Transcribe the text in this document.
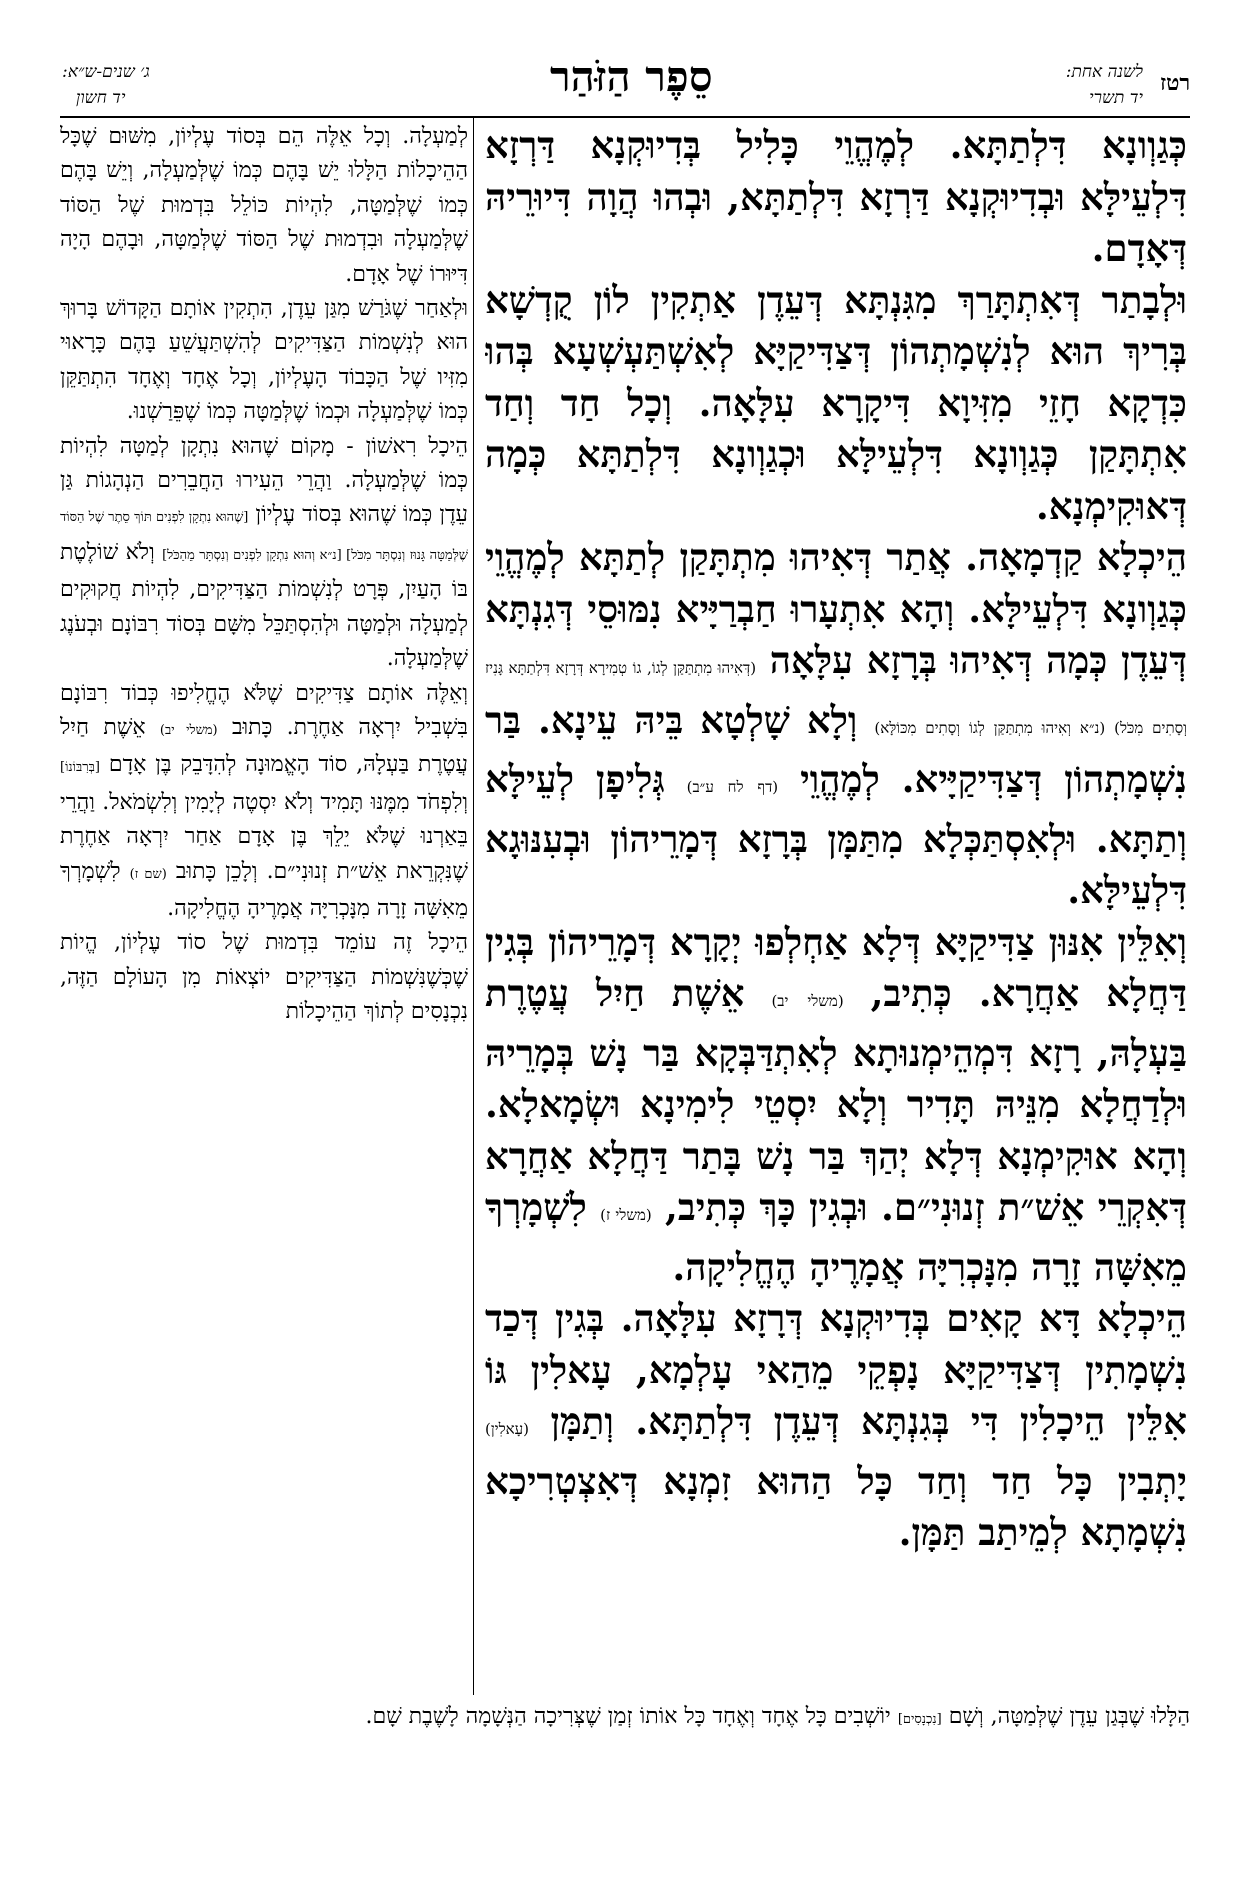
רטז
לשנה אחת:
יד תשרי
סֵפֶר הַזֹּהַר
ג׳ שנים-ש״א:
יד חשון

כְּגַוְונָא דִּלְתַתָּא. לְמֶהֱוֵי כָּלִיל בְּדִיוּקְנָא דַּרְזָא דִּלְעֵילָּא וּבְדִיוּקְנָא דַּרְזָא דִּלְתַתָּא, וּבְהוּ הֲוָה דִּיוּרֵיהּ דְּאָדָם.

וּלְבָתַר דְּאִתְתָּרַךְ מִגִּנְתָּא דְּעֵדֶן אַתְקִין לוֹן קֻדְשָׁא בְּרִיךְ הוּא לְנִשְׁמָתְהוֹן דְּצַדִּיקַיָּא לְאִשְׁתַּעְשְׁעָא בְּהוּ כִּדְקָא חָזֵי מִזִּיוָא דִּיקָרָא עִלָּאָה. וְכָל חַד וְחַד אִתְתָּקַן כְּגַוְונָא דִּלְעֵילָּא וּכְגַוְונָא דִּלְתַתָּא כְּמָה דְּאוּקִימְנָא.

הֵיכְלָא קַדְמָאָה. אֲתַר דְּאִיהוּ מִתְתָּקַן לְתַתָּא לְמֶהֱוֵי כְּגַוְונָא דִּלְעֵילָּא. וְהָא אִתְעָרוּ חַבְרַיָּיא נִמּוּסֵי דְּגִנְתָּא דְּעֵדֶן כְּמָה דְּאִיהוּ בְּרָזָא עִלָּאָה (דְּאִיהוּ מִתְתַּקַּן לְגוֹ, גוֹ טְמִירָא דְּרָזָא דִּלְתַתָּא גָּנִיז וְסָתִים מִכֹּל) (נ״א וְאִיהוּ מִתְתַּקַּן לְגוֹ וְסָתִים מִכּוֹלָּא) וְלָא שָׁלְטָא בֵּיהּ עֵינָא. בַּר נִשְׁמָתְהוֹן דְּצַדִּיקַיָּיא. לְמֶהֱוֵי (דף לח ע״ב) גְּלִיפָן לְעֵילָּא וְתַתָּא. וּלְאִסְתַּכְּלָא מִתַּמָּן בְּרָזָא דְּמָרֵיהוֹן וּבְעִנּוּגָא דִּלְעֵילָּא.

וְאִלֵּין אִנּוּן צַדִּיקַיָּא דְּלָא אַחְלְפוּ יְקָרָא דְּמָרֵיהוֹן בְּגִין דַּחֲלָא אַחֲרָא. כְּתִיב, (משלי יב) אֵשֶׁת חַיִל עֲטֶרֶת בַּעְלָהּ, רָזָא דִּמְהֵימְנוּתָא לְאִתְדַּבְּקָא בַּר נָשׁ בְּמָרֵיהּ וּלְדַחֲלָא מִנֵּיהּ תָּדִיר וְלָא יִסְטֵי לִימִינָא וּשְׂמָאלָא. וְהָא אוּקִימְנָא דְּלָא יְהַךְ בַּר נָשׁ בָּתַר דַּחֲלָא אַחֲרָא דְּאִקְרֵי אֵשׁ״ת זְנוּנִי״ם. וּבְגִין כָּךְ כְּתִיב, (משלי ז) לִשְׁמָרְךָ מֵאִשָּׁה זָרָה מִנָּכְרִיָּה אֲמָרֶיהָ הֶחֱלִיקָה.

הֵיכְלָא דָּא קָאִים בְּדִיוּקְנָא דְּרָזָא עִלָּאָה. בְּגִין דְּכַד נִשְׁמָתִין דְּצַדִּיקַיָּא נָפְקֵי מֵהַאי עָלְמָא, עָאלִין גּוֹ אִלֵּין הֵיכָלִין דִּי בְּגִנְתָּא דְּעֵדֶן דִּלְתַתָּא. וְתַמָּן (עָאלִין) יָתְבִין כָּל חַד וְחַד כָּל הַהוּא זִמְנָא דְּאִצְטְרִיכָא נִשְׁמָתָא לְמֵיתַב תַּמָּן.

לְמַעְלָה. וְכָל אֵלֶּה הֵם בְּסוֹד עֶלְיוֹן, מִשּׁוּם שֶׁכָּל הַהֵיכָלוֹת הַלָּלוּ יֵשׁ בָּהֶם כְּמוֹ שֶׁלְּמַעְלָה, וְיֵשׁ בָּהֶם כְּמוֹ שֶׁלְּמַטָּה, לִהְיוֹת כּוֹלֵל בִּדְמוּת שֶׁל הַסּוֹד שֶׁלְּמַעְלָה וּבִדְמוּת שֶׁל הַסּוֹד שֶׁלְּמַטָּה, וּבָהֶם הָיָה דִּיּוּרוֹ שֶׁל אָדָם.

וּלְאַחַר שֶׁגֹּרַשׁ מִגַּן עֵדֶן, הִתְקִין אוֹתָם הַקָּדוֹשׁ בָּרוּךְ הוּא לְנִשְׁמוֹת הַצַּדִּיקִים לְהִשְׁתַּעֲשֵׁעַ בָּהֶם כָּרָאוּי מִזִּיו שֶׁל הַכָּבוֹד הָעֶלְיוֹן, וְכָל אֶחָד וְאֶחָד הִתְתַּקֵּן כְּמוֹ שֶׁלְּמַעְלָה וּכְמוֹ שֶׁלְּמַטָּה כְּמוֹ שֶׁפֵּרַשְׁנוּ.

הֵיכָל רִאשׁוֹן - מָקוֹם שֶׁהוּא נִתְקָן לְמַטָּה לִהְיוֹת כְּמוֹ שֶׁלְּמַעְלָה. וַהֲרֵי הֵעִירוּ הַחֲבֵרִים הַנְהָגוֹת גַּן עֵדֶן כְּמוֹ שֶׁהוּא בְּסוֹד עֶלְיוֹן [שֶׁהוּא נִתְקָן לִפְנִים תּוֹךְ סֵתֶר שֶׁל הַסּוֹד שֶׁלְּמַטָּה גָּנוּז וְנִסְתָּר מִכֹּל] [נ״א וְהוּא נִתְקָן לִפְנִים וְנִסְתָּר מֵהַכֹּל] וְלֹא שׁוֹלֶטֶת בּוֹ הָעַיִן, פְּרָט לְנִשְׁמוֹת הַצַּדִּיקִים, לִהְיוֹת חֲקוּקִים לְמַעְלָה וּלְמַטָּה וּלְהִסְתַּכֵּל מִשָּׁם בְּסוֹד רִבּוֹנָם וּבְעֹנֶג שֶׁלְּמַעְלָה.

וְאֵלֶּה אוֹתָם צַדִּיקִים שֶׁלֹּא הֶחֱלִיפוּ כְּבוֹד רִבּוֹנָם בִּשְׁבִיל יִרְאָה אַחֶרֶת. כָּתוּב (משלי יב) אֵשֶׁת חַיִל עֲטֶרֶת בַּעְלָהּ, סוֹד הָאֱמוּנָה לְהִדָּבֵק בֶּן אָדָם [בְּרִבּוֹנוֹ] וְלִפְחֹד מִמֶּנּוּ תָּמִיד וְלֹא יִסְטֶה לְיָמִין וְלִשְׂמֹאל. וַהֲרֵי בֵּאַרְנוּ שֶׁלֹּא יֵלֵךְ בֶּן אָדָם אַחַר יִרְאָה אַחֶרֶת שֶׁנִּקְרֵאת אֵשׁ״ת זְנוּנִי״ם. וְלָכֵן כָּתוּב (שם ז) לִשְׁמָרְךָ מֵאִשָּׁה זָרָה מִנָּכְרִיָּה אֲמָרֶיהָ הֶחֱלִיקָה.

הֵיכָל זֶה עוֹמֵד בִּדְמוּת שֶׁל סוֹד עֶלְיוֹן, הֱיוֹת שֶׁכְּשֶׁנִּשְׁמוֹת הַצַּדִּיקִים יוֹצְאוֹת מִן הָעוֹלָם הַזֶּה, נִכְנָסִים לְתוֹךְ הַהֵיכָלוֹת

הַלָּלוּ שֶׁבְּגַן עֵדֶן שֶׁלְּמַטָּה, וְשָׁם [נִכְנָסִים] יוֹשְׁבִים כָּל אֶחָד וְאֶחָד כָּל אוֹתוֹ זְמַן שֶׁצְּרִיכָה הַנְּשָׁמָה לָשֶׁבֶת שָׁם.
